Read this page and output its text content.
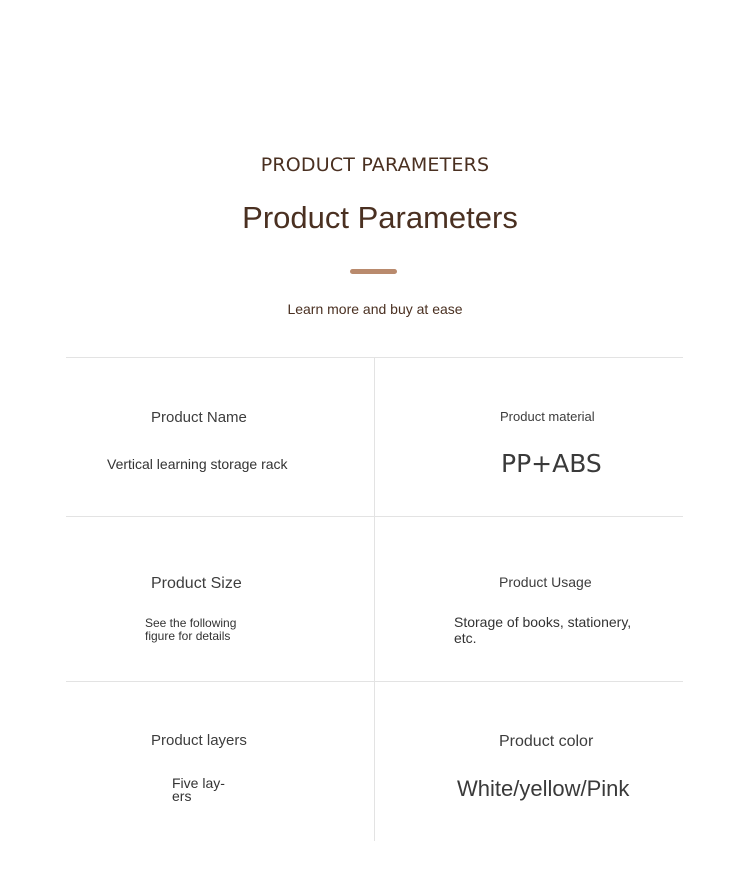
PRODUCT PARAMETERS
Product Parameters
Learn more and buy at ease
Product Name
Vertical learning storage rack
Product material
PP+ABS
Product Size
See the following
figure for details
Product Usage
Storage of books, stationery,
etc.
Product layers
Five lay-
ers
Product color
White/yellow/Pink
